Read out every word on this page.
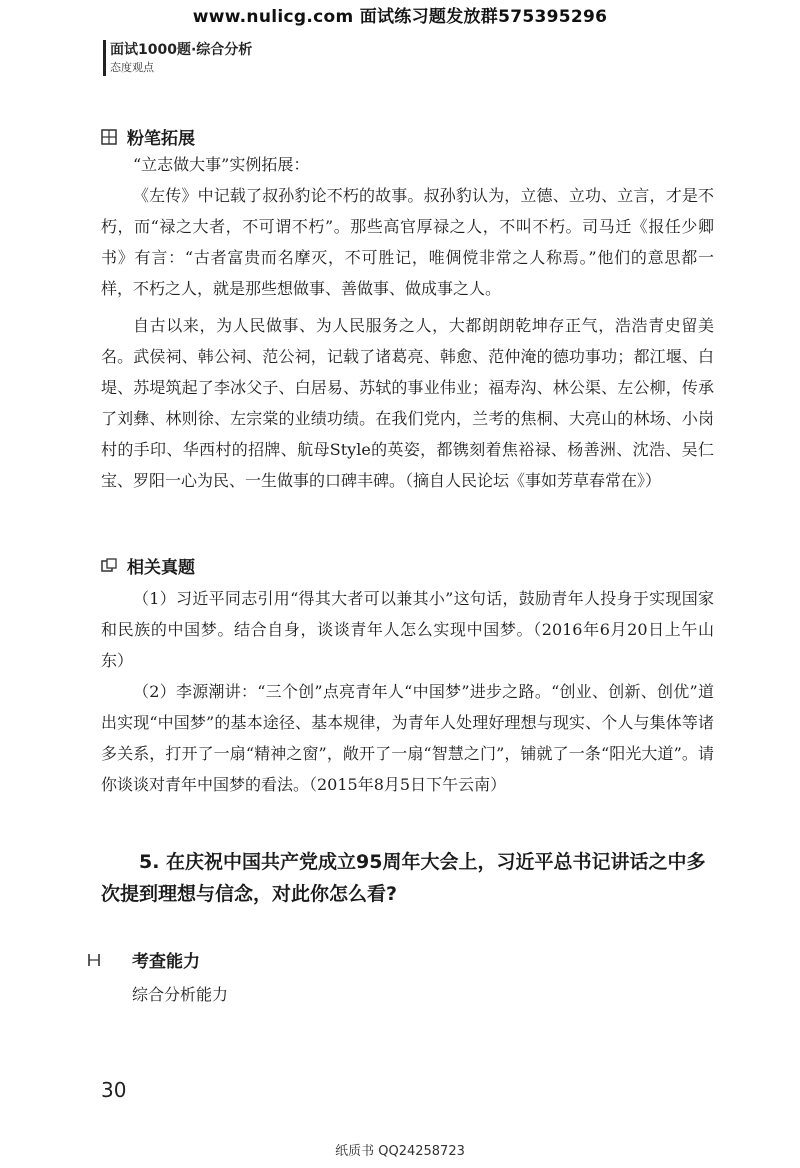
www.nulicg.com 面试练习题发放群575395296
面试1000题·综合分析
态度观点
粉笔拓展

“立志做大事”实例拓展：

《左传》中记载了叔孙豹论不朽的故事。叔孙豹认为，立德、立功、立言，才是不朽，而“禄之大者，不可谓不朽”。那些高官厚禄之人，不叫不朽。司马迁《报任少卿书》有言：“古者富贵而名摩灭，不可胜记，唯倜傥非常之人称焉。”他们的意思都一样，不朽之人，就是那些想做事、善做事、做成事之人。

自古以来，为人民做事、为人民服务之人，大都朗朗乾坤存正气，浩浩青史留美名。武侯祠、韩公祠、范公祠，记载了诸葛亮、韩愈、范仲淹的德功事功；都江堰、白堤、苏堤筑起了李冰父子、白居易、苏轼的事业伟业；福寿沟、林公渠、左公柳，传承了刘彝、林则徐、左宗棠的业绩功绩。在我们党内，兰考的焦桐、大亮山的林场、小岗村的手印、华西村的招牌、航母Style的英姿，都镌刻着焦裕禄、杨善洲、沈浩、吴仁宝、罗阳一心为民、一生做事的口碑丰碑。（摘自人民论坛《事如芳草春常在》）

相关真题

（1）习近平同志引用“得其大者可以兼其小”这句话，鼓励青年人投身于实现国家和民族的中国梦。结合自身，谈谈青年人怎么实现中国梦。（2016年6月20日上午山东）

（2）李源潮讲：“三个创”点亮青年人“中国梦”进步之路。“创业、创新、创优”道出实现“中国梦”的基本途径、基本规律，为青年人处理好理想与现实、个人与集体等诸多关系，打开了一扇“精神之窗”，敞开了一扇“智慧之门”，铺就了一条“阳光大道”。请你谈谈对青年中国梦的看法。（2015年8月5日下午云南）

5. 在庆祝中国共产党成立95周年大会上，习近平总书记讲话之中多次提到理想与信念，对此你怎么看?

考查能力
综合分析能力
30
纸质书 QQ24258723
